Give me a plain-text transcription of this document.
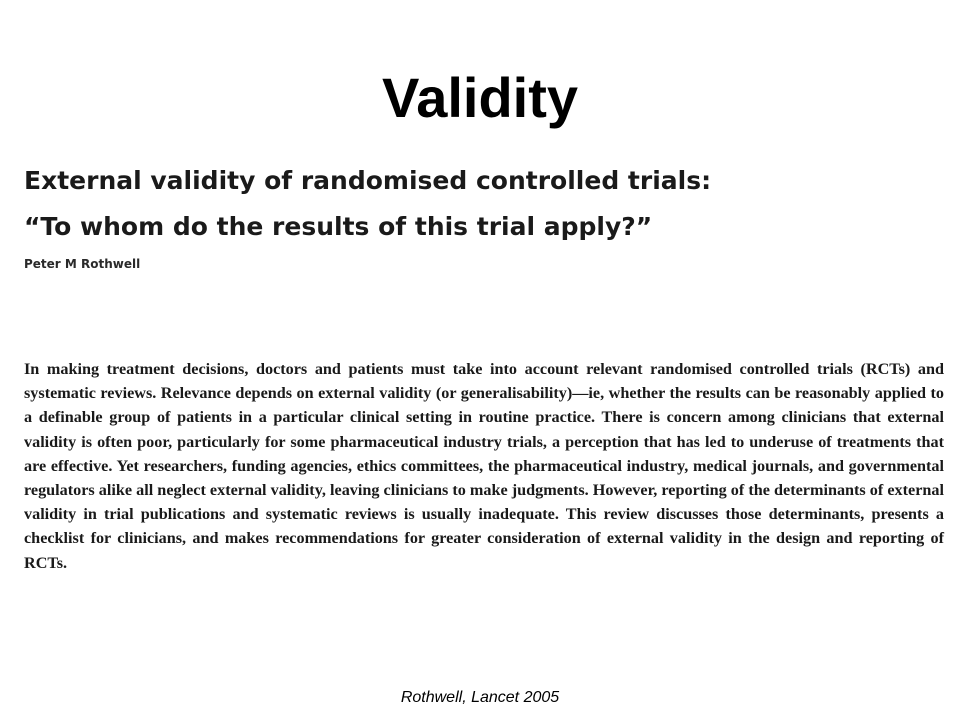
Validity
External validity of randomised controlled trials:
“To whom do the results of this trial apply?”
Peter M Rothwell

In making treatment decisions, doctors and patients must take into account relevant randomised controlled trials (RCTs) and systematic reviews. Relevance depends on external validity (or generalisability)—ie, whether the results can be reasonably applied to a definable group of patients in a particular clinical setting in routine practice. There is concern among clinicians that external validity is often poor, particularly for some pharmaceutical industry trials, a perception that has led to underuse of treatments that are effective. Yet researchers, funding agencies, ethics committees, the pharmaceutical industry, medical journals, and governmental regulators alike all neglect external validity, leaving clinicians to make judgments. However, reporting of the determinants of external validity in trial publications and systematic reviews is usually inadequate. This review discusses those determinants, presents a checklist for clinicians, and makes recommendations for greater consideration of external validity in the design and reporting of RCTs.

Rothwell, Lancet 2005
